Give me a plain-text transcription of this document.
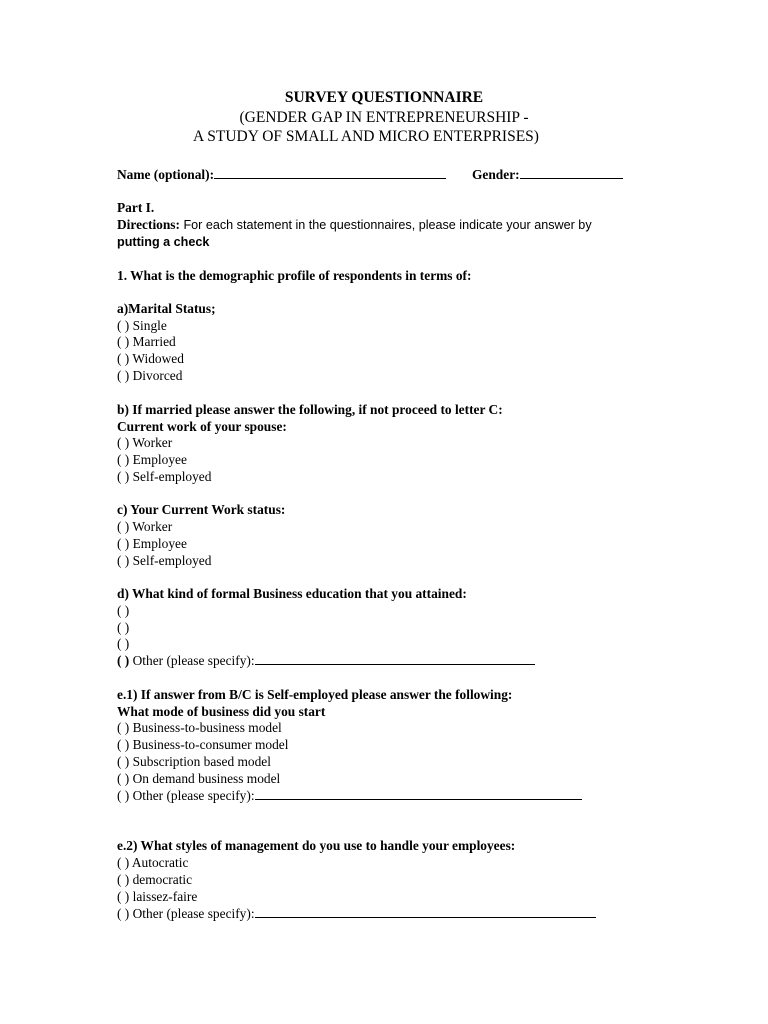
SURVEY QUESTIONNAIRE
(GENDER GAP IN ENTREPRENEURSHIP -
A STUDY OF SMALL AND MICRO ENTERPRISES)
Name (optional):	Gender:
Part I.
Directions: For each statement in the questionnaires, please indicate your answer by
putting a check
1. What is the demographic profile of respondents in terms of:
a)Marital Status;
( ) Single
( ) Married
( ) Widowed
( ) Divorced
b) If married please answer the following, if not proceed to letter C:
Current work of your spouse:
( ) Worker
( ) Employee
( ) Self-employed
c) Your Current Work status:
( ) Worker
( ) Employee
( ) Self-employed
d) What kind of formal Business education that you attained:
( )
( )
( )
( ) Other (please specify):
e.1) If answer from B/C is Self-employed please answer the following:
What mode of business did you start
( ) Business-to-business model
( ) Business-to-consumer model
( ) Subscription based model
( ) On demand business model
( ) Other (please specify):
e.2) What styles of management do you use to handle your employees:
( ) Autocratic
( ) democratic
( ) laissez-faire
( ) Other (please specify):
